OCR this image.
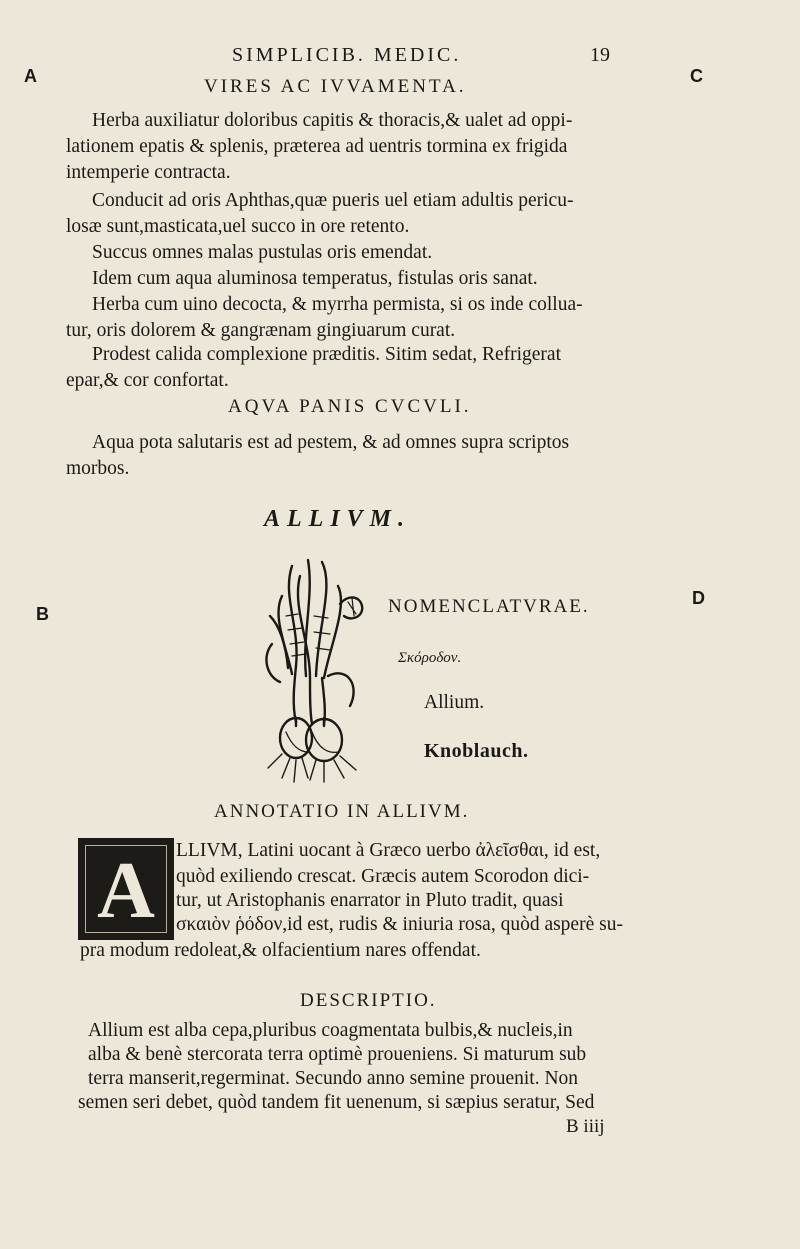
SIMPLICIB. MEDIC.	19
A	C
B
D
VIRES AC IVVAMENTA.
Herba auxiliatur doloribus capitis & thoracis,& ualet ad oppi-
lationem epatis & splenis, præterea ad uentris tormina ex frigida
intemperie contracta.
Conducit ad oris Aphthas,quæ pueris uel etiam adultis pericu-
losæ sunt,masticata,uel succo in ore retento.
Succus omnes malas pustulas oris emendat.
Idem cum aqua aluminosa temperatus, fistulas oris sanat.
Herba cum uino decocta, & myrrha permista, si os inde collua-
tur, oris dolorem & gangrænam gingiuarum curat.
Prodest calida complexione præditis. Sitim sedat, Refrigerat
epar,& cor confortat.
AQVA PANIS CVCVLI.
Aqua pota salutaris est ad pestem, & ad omnes supra scriptos
morbos.
ALLIVM.
NOMENCLATVRAE.
Σκόροδον.
Allium.
Knoblauch.
ANNOTATIO IN ALLIVM.
A	LLIVM, Latini uocant à Græco uerbo ἀλεῖσθαι, id est,
quòd exiliendo crescat. Græcis autem Scorodon dici-
tur, ut Aristophanis enarrator in Pluto tradit, quasi
σκαιὸν ῥόδον,id est, rudis & iniuria rosa, quòd asperè su-
pra modum redoleat,& olfacientium nares offendat.
DESCRIPTIO.
Allium est alba cepa,pluribus coagmentata bulbis,& nucleis,in
alba & benè stercorata terra optimè proueniens. Si maturum sub
terra manserit,regerminat. Secundo anno semine prouenit. Non
semen seri debet, quòd tandem fit uenenum, si sæpius seratur, Sed
B iiij
